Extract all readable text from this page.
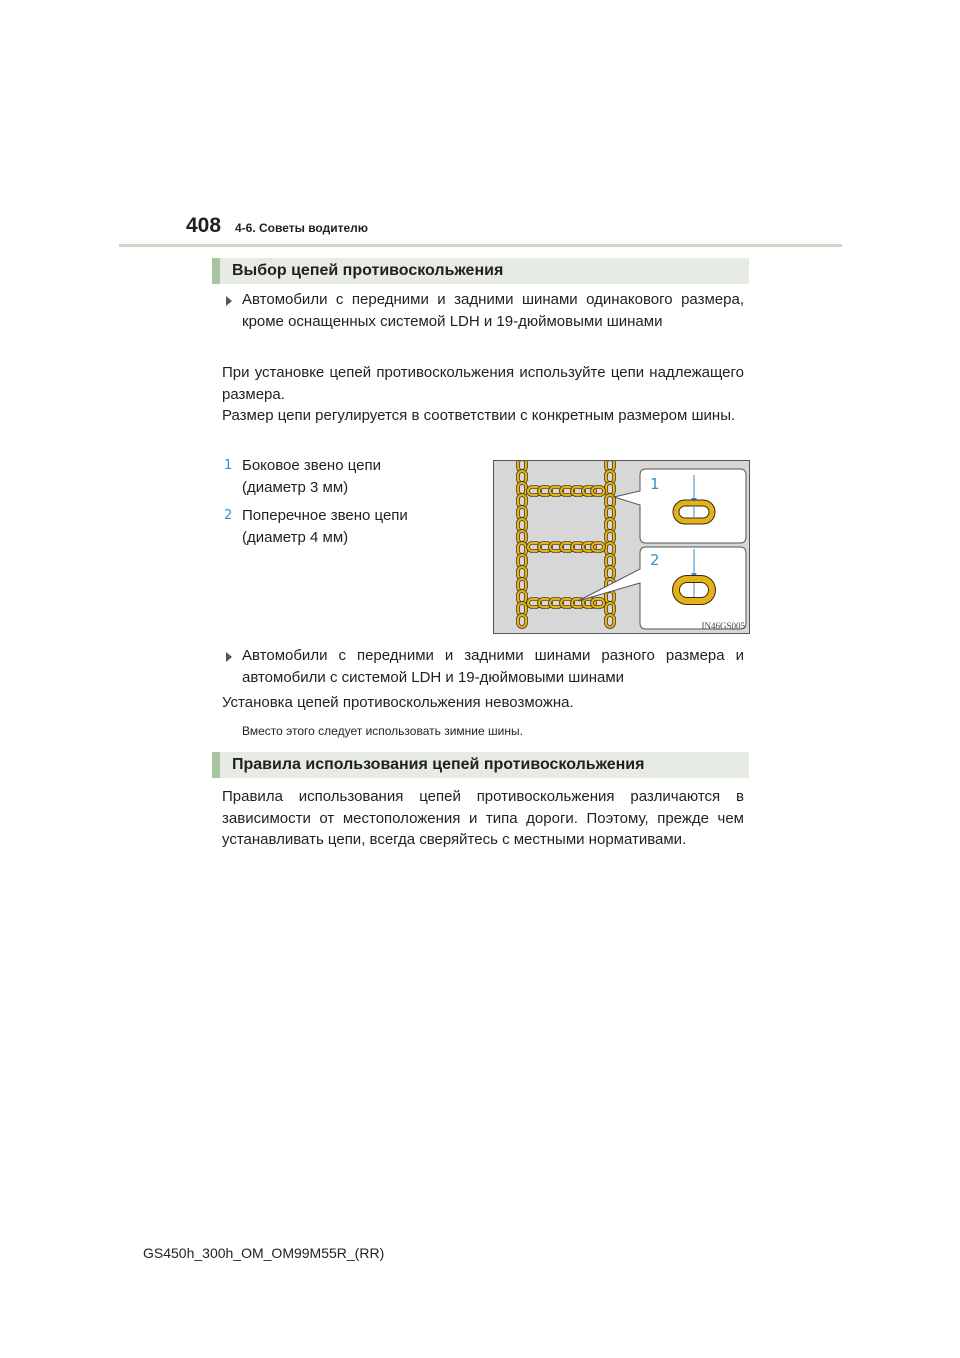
408 4-6. Советы водителю
Выбор цепей противоскольжения
Автомобили с передними и задними шинами одинакового размера, кроме оснащенных системой LDH и 19-дюймовыми шинами
При установке цепей противоскольжения используйте цепи надлежащего размера.
Размер цепи регулируется в соответствии с конкретным размером шины.
1 Боковое звено цепи
(диаметр 3 мм)
2 Поперечное звено цепи
(диаметр 4 мм)
1
2
IN46GS005
Автомобили с передними и задними шинами разного размера и автомобили с системой LDH и 19-дюймовыми шинами
Установка цепей противоскольжения невозможна.
Вместо этого следует использовать зимние шины.
Правила использования цепей противоскольжения
Правила использования цепей противоскольжения различаются в зависимости от местоположения и типа дороги. Поэтому, прежде чем устанавливать цепи, всегда сверяйтесь с местными нормативами.
GS450h_300h_OM_OM99M55R_(RR)
